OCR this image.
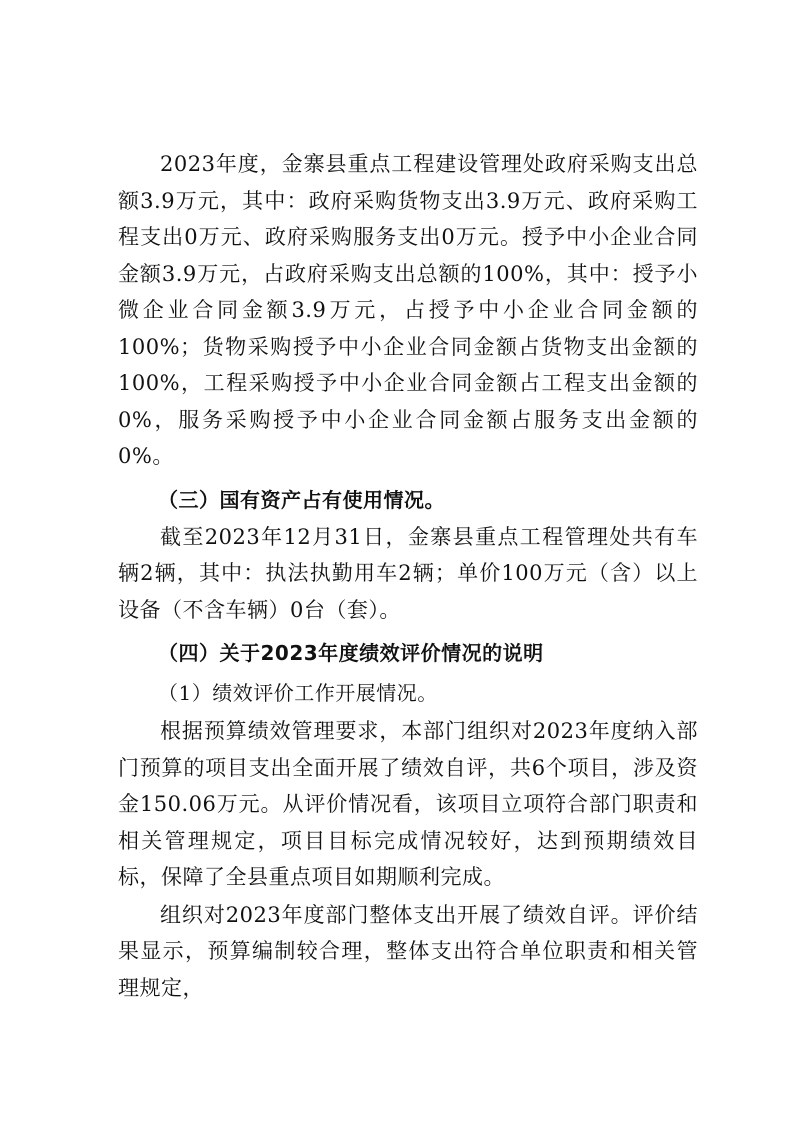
2023年度，金寨县重点工程建设管理处政府采购支出总额3.9万元，其中：政府采购货物支出3.9万元、政府采购工程支出0万元、政府采购服务支出0万元。授予中小企业合同金额3.9万元，占政府采购支出总额的100%，其中：授予小微企业合同金额3.9万元，占授予中小企业合同金额的100%；货物采购授予中小企业合同金额占货物支出金额的100%，工程采购授予中小企业合同金额占工程支出金额的0%，服务采购授予中小企业合同金额占服务支出金额的0%。

（三）国有资产占有使用情况。

截至2023年12月31日，金寨县重点工程管理处共有车辆2辆，其中：执法执勤用车2辆；单价100万元（含）以上设备（不含车辆）0台（套）。

（四）关于2023年度绩效评价情况的说明

（1）绩效评价工作开展情况。

根据预算绩效管理要求，本部门组织对2023年度纳入部门预算的项目支出全面开展了绩效自评，共6个项目，涉及资金150.06万元。从评价情况看，该项目立项符合部门职责和相关管理规定，项目目标完成情况较好，达到预期绩效目标，保障了全县重点项目如期顺利完成。

组织对2023年度部门整体支出开展了绩效自评。评价结果显示，预算编制较合理，整体支出符合单位职责和相关管理规定，
